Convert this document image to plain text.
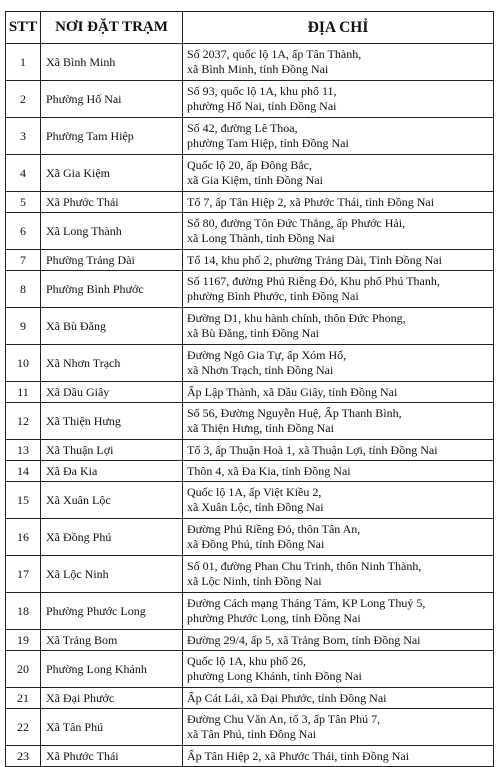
STT	NƠI ĐẶT TRẠM	ĐỊA CHỈ
1	Xã Bình Minh	Số 2037, quốc lộ 1A, ấp Tân Thành,
xã Bình Minh, tỉnh Đồng Nai

2	Phường Hố Nai	Số 93, quốc lộ 1A, khu phố 11,
phường Hố Nai, tỉnh Đồng Nai

3	Phường Tam Hiệp	Số 42, đường Lê Thoa,
phường Tam Hiệp, tỉnh Đồng Nai

4	Xã Gia Kiệm	Quốc lộ 20, ấp Đông Bắc,
xã Gia Kiệm, tỉnh Đồng Nai

5	Xã Phước Thái	Tổ 7, ấp Tân Hiệp 2, xã Phước Thái, tỉnh Đồng Nai

6	Xã Long Thành	Số 80, đường Tôn Đức Thắng, ấp Phước Hải,
xã Long Thành, tỉnh Đồng Nai

7	Phường Trảng Dài	Tổ 14, khu phố 2, phường Trảng Dài, Tỉnh Đồng Nai

8	Phường Bình Phước	Số 1167, đường Phú Riềng Đỏ, Khu phố Phú Thanh,
phường Bình Phước, tỉnh Đồng Nai

9	Xã Bù Đăng	Đường D1, khu hành chính, thôn Đức Phong,
xã Bù Đăng, tỉnh Đồng Nai

10	Xã Nhơn Trạch	Đường Ngô Gia Tự, ấp Xóm Hố,
xã Nhơn Trạch, tỉnh Đồng Nai

11	Xã Dầu Giây	Ấp Lập Thành, xã Dầu Giây, tỉnh Đồng Nai

12	Xã Thiện Hưng	Số 56, Đường Nguyễn Huệ, Ấp Thanh Bình,
xã Thiện Hưng, tỉnh Đồng Nai

13	Xã Thuận Lợi	Tổ 3, ấp Thuận Hoà 1, xã Thuận Lợi, tỉnh Đồng Nai

14	Xã Đa Kia	Thôn 4, xã Đa Kia, tỉnh Đồng Nai

15	Xã Xuân Lộc	Quốc lộ 1A, ấp Việt Kiều 2,
xã Xuân Lộc, tỉnh Đồng Nai

16	Xã Đồng Phú	Đường Phú Riềng Đỏ, thôn Tân An,
xã Đồng Phú, tỉnh Đồng Nai

17	Xã Lộc Ninh	Số 01, đường Phan Chu Trinh, thôn Ninh Thành,
xã Lộc Ninh, tỉnh Đồng Nai

18	Phường Phước Long	Đường Cách mạng Tháng Tám, KP Long Thuỷ 5,
phường Phước Long, tỉnh Đồng Nai

19	Xã Trảng Bom	Đường 29/4, ấp 5, xã Trảng Bom, tỉnh Đồng Nai

20	Phường Long Khánh	Quốc lộ 1A, khu phố 26,
phường Long Khánh, tỉnh Đồng Nai

21	Xã Đại Phước	Ấp Cát Lái, xã Đại Phước, tỉnh Đồng Nai

22	Xã Tân Phú	Đường Chu Văn An, tổ 3, ấp Tân Phú 7,
xã Tân Phú, tỉnh Đồng Nai

23	Xã Phước Thái	Ấp Tân Hiệp 2, xã Phước Thái, tỉnh Đồng Nai
